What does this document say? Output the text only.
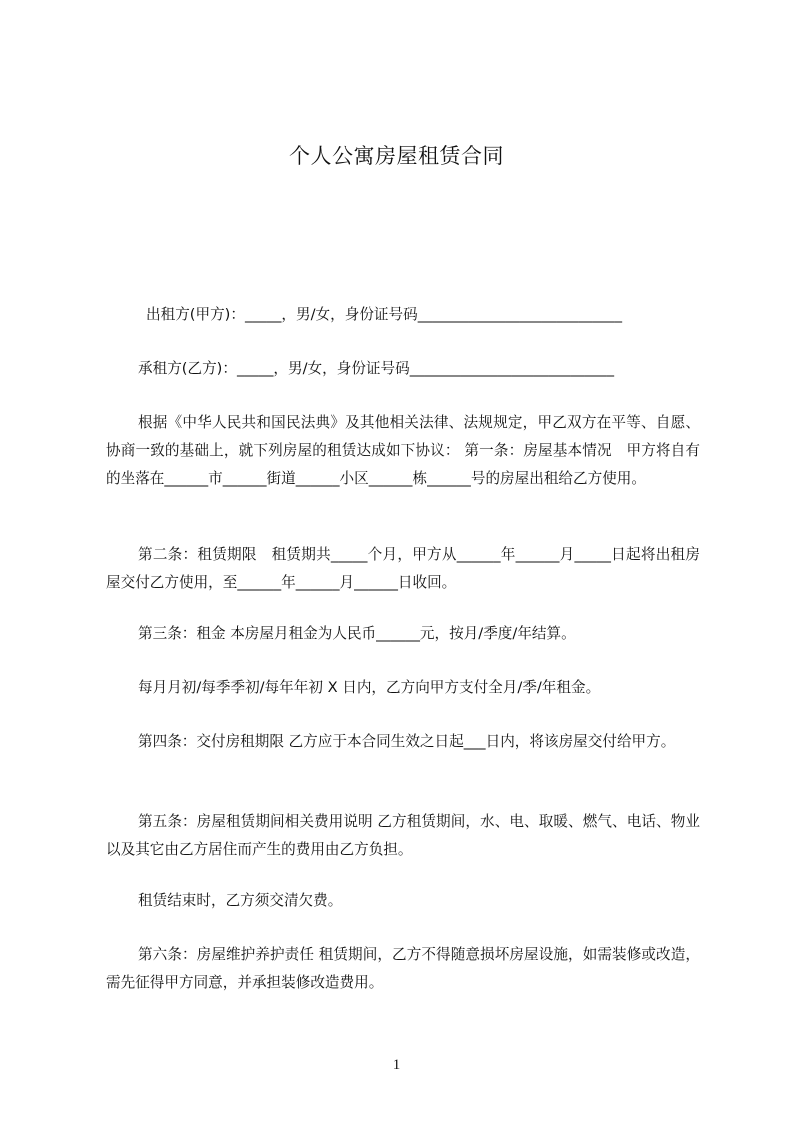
个人公寓房屋租赁合同

出租方(甲方)：_____，男/女，身份证号码____________________________

承租方(乙方)：_____，男/女，身份证号码____________________________

根据《中华人民共和国民法典》及其他相关法律、法规规定，甲乙双方在平等、自愿、协商一致的基础上，就下列房屋的租赁达成如下协议： 第一条：房屋基本情况　甲方将自有的坐落在______市______街道______小区______栋______号的房屋出租给乙方使用。

第二条：租赁期限　租赁期共_____个月，甲方从______年______月_____日起将出租房屋交付乙方使用，至______年______月______日收回。

第三条：租金 本房屋月租金为人民币______元，按月/季度/年结算。

每月月初/每季季初/每年年初 X 日内，乙方向甲方支付全月/季/年租金。

第四条：交付房租期限 乙方应于本合同生效之日起___日内，将该房屋交付给甲方。

第五条：房屋租赁期间相关费用说明 乙方租赁期间，水、电、取暖、燃气、电话、物业以及其它由乙方居住而产生的费用由乙方负担。

租赁结束时，乙方须交清欠费。

第六条：房屋维护养护责任 租赁期间，乙方不得随意损坏房屋设施，如需装修或改造，需先征得甲方同意，并承担装修改造费用。

1
